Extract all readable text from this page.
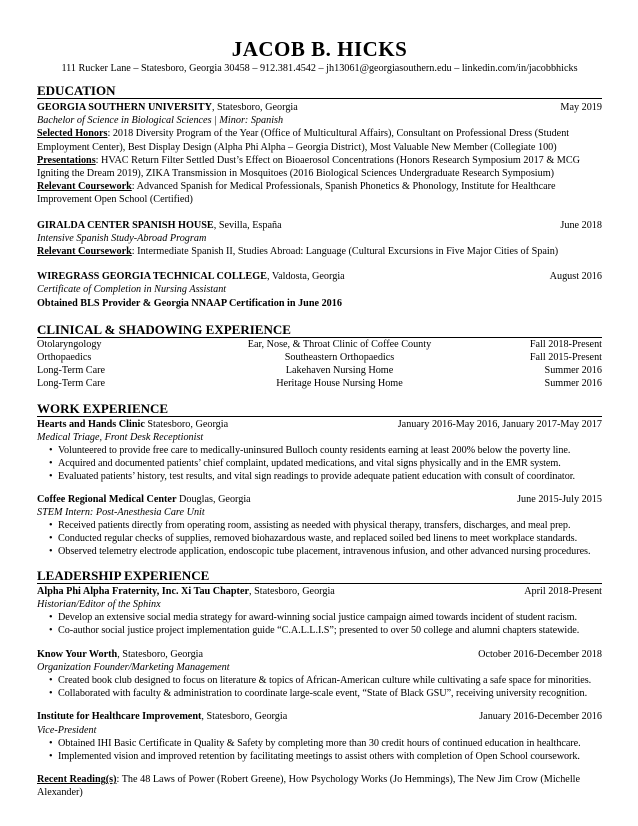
JACOB B. HICKS
111 Rucker Lane – Statesboro, Georgia 30458 – 912.381.4542 – jh13061@georgiasouthern.edu – linkedin.com/in/jacobbhicks
EDUCATION
GEORGIA SOUTHERN UNIVERSITY, Statesboro, Georgia	May 2019
Bachelor of Science in Biological Sciences | Minor: Spanish
Selected Honors: 2018 Diversity Program of the Year (Office of Multicultural Affairs), Consultant on Professional Dress (Student
Employment Center), Best Display Design (Alpha Phi Alpha – Georgia District), Most Valuable New Member (Collegiate 100)
Presentations: HVAC Return Filter Settled Dust’s Effect on Bioaerosol Concentrations (Honors Research Symposium 2017 & MCG
Igniting the Dream 2019), ZIKA Transmission in Mosquitoes (2016 Biological Sciences Undergraduate Research Symposium)
Relevant Coursework: Advanced Spanish for Medical Professionals, Spanish Phonetics & Phonology, Institute for Healthcare
Improvement Open School (Certified)
GIRALDA CENTER SPANISH HOUSE, Sevilla, España	June 2018
Intensive Spanish Study-Abroad Program
Relevant Coursework: Intermediate Spanish II, Studies Abroad: Language (Cultural Excursions in Five Major Cities of Spain)
WIREGRASS GEORGIA TECHNICAL COLLEGE, Valdosta, Georgia	August 2016
Certificate of Completion in Nursing Assistant
Obtained BLS Provider & Georgia NNAAP Certification in June 2016
CLINICAL & SHADOWING EXPERIENCE
Otolaryngology	Ear, Nose, & Throat Clinic of Coffee County	Fall 2018-Present
Orthopaedics	Southeastern Orthopaedics	Fall 2015-Present
Long-Term Care	Lakehaven Nursing Home	Summer 2016
Long-Term Care	Heritage House Nursing Home	Summer 2016
WORK EXPERIENCE
Hearts and Hands Clinic Statesboro, Georgia	January 2016-May 2016, January 2017-May 2017
Medical Triage, Front Desk Receptionist
• Volunteered to provide free care to medically-uninsured Bulloch county residents earning at least 200% below the poverty line.
• Acquired and documented patients’ chief complaint, updated medications, and vital signs physically and in the EMR system.
• Evaluated patients’ history, test results, and vital sign readings to provide adequate patient education with consult of coordinator.
Coffee Regional Medical Center Douglas, Georgia	June 2015-July 2015
STEM Intern: Post-Anesthesia Care Unit
• Received patients directly from operating room, assisting as needed with physical therapy, transfers, discharges, and meal prep.
• Conducted regular checks of supplies, removed biohazardous waste, and replaced soiled bed linens to meet workplace standards.
• Observed telemetry electrode application, endoscopic tube placement, intravenous infusion, and other advanced nursing procedures.
LEADERSHIP EXPERIENCE
Alpha Phi Alpha Fraternity, Inc. Xi Tau Chapter, Statesboro, Georgia	April 2018-Present
Historian/Editor of the Sphinx
• Develop an extensive social media strategy for award-winning social justice campaign aimed towards incident of student racism.
• Co-author social justice project implementation guide “C.A.L.L.I.S”; presented to over 50 college and alumni chapters statewide.
Know Your Worth, Statesboro, Georgia	October 2016-December 2018
Organization Founder/Marketing Management
• Created book club designed to focus on literature & topics of African-American culture while cultivating a safe space for minorities.
• Collaborated with faculty & administration to coordinate large-scale event, “State of Black GSU”, receiving university recognition.
Institute for Healthcare Improvement, Statesboro, Georgia	January 2016-December 2016
Vice-President
• Obtained IHI Basic Certificate in Quality & Safety by completing more than 30 credit hours of continued education in healthcare.
• Implemented vision and improved retention by facilitating meetings to assist others with completion of Open School coursework.
Recent Reading(s): The 48 Laws of Power (Robert Greene), How Psychology Works (Jo Hemmings), The New Jim Crow (Michelle
Alexander)
